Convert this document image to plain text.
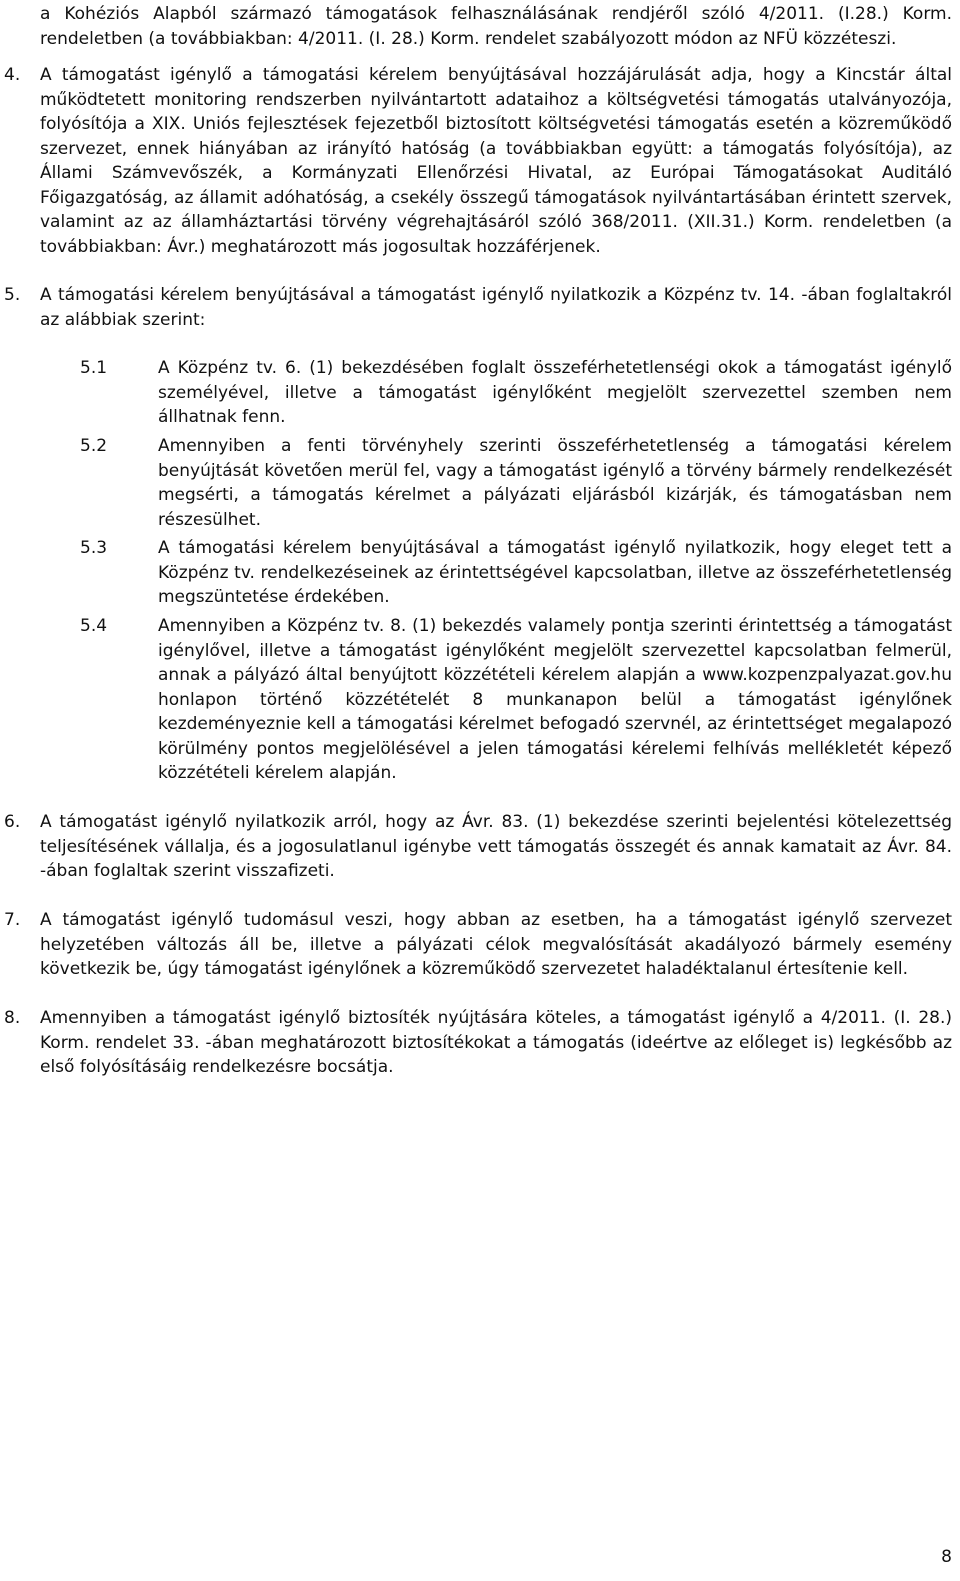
a Kohéziós Alapból származó támogatások felhasználásának rendjéről szóló 4/2011. (I.28.) Korm. rendeletben (a továbbiakban: 4/2011. (I. 28.) Korm. rendelet szabályozott módon az NFÜ közzéteszi.
4.	A támogatást igénylő a támogatási kérelem benyújtásával hozzájárulását adja, hogy a Kincstár által működtetett monitoring rendszerben nyilvántartott adataihoz a költségvetési támogatás utalványozója, folyósítója a XIX. Uniós fejlesztések fejezetből biztosított költségvetési támogatás esetén a közreműködő szervezet, ennek hiányában az irányító hatóság (a továbbiakban együtt: a támogatás folyósítója), az Állami Számvevőszék, a Kormányzati Ellenőrzési Hivatal, az Európai Támogatásokat Auditáló Főigazgatóság, az államit adóhatóság, a csekély összegű támogatások nyilvántartásában érintett szervek, valamint az az államháztartási törvény végrehajtásáról szóló 368/2011. (XII.31.) Korm. rendeletben (a továbbiakban: Ávr.) meghatározott más jogosultak hozzáférjenek.
5.	A támogatási kérelem benyújtásával a támogatást igénylő nyilatkozik a Közpénz tv. 14. -ában foglaltakról az alábbiak szerint:
5.1	A Közpénz tv. 6. (1) bekezdésében foglalt összeférhetetlenségi okok a támogatást igénylő személyével, illetve a támogatást igénylőként megjelölt szervezettel szemben nem állhatnak fenn.
5.2	Amennyiben a fenti törvényhely szerinti összeférhetetlenség a támogatási kérelem benyújtását követően merül fel, vagy a támogatást igénylő a törvény bármely rendelkezését megsérti, a támogatás kérelmet a pályázati eljárásból kizárják, és támogatásban nem részesülhet.
5.3	A támogatási kérelem benyújtásával a támogatást igénylő nyilatkozik, hogy eleget tett a Közpénz tv. rendelkezéseinek az érintettségével kapcsolatban, illetve az összeférhetetlenség megszüntetése érdekében.
5.4	Amennyiben a Közpénz tv. 8. (1) bekezdés valamely pontja szerinti érintettség a támogatást igénylővel, illetve a támogatást igénylőként megjelölt szervezettel kapcsolatban felmerül, annak a pályázó által benyújtott közzétételi kérelem alapján a www.kozpenzpalyazat.gov.hu honlapon történő közzétételét 8 munkanapon belül a támogatást igénylőnek kezdeményeznie kell a támogatási kérelmet befogadó szervnél, az érintettséget megalapozó körülmény pontos megjelölésével a jelen támogatási kérelemi felhívás mellékletét képező közzétételi kérelem alapján.
6.	A támogatást igénylő nyilatkozik arról, hogy az Ávr. 83. (1) bekezdése szerinti bejelentési kötelezettség teljesítésének vállalja, és a jogosulatlanul igénybe vett támogatás összegét és annak kamatait az Ávr. 84. -ában foglaltak szerint visszafizeti.
7.	A támogatást igénylő tudomásul veszi, hogy abban az esetben, ha a támogatást igénylő szervezet helyzetében változás áll be, illetve a pályázati célok megvalósítását akadályozó bármely esemény következik be, úgy támogatást igénylőnek a közreműködő szervezetet haladéktalanul értesítenie kell.
8.	Amennyiben a támogatást igénylő biztosíték nyújtására köteles, a támogatást igénylő a 4/2011. (I. 28.) Korm. rendelet 33. -ában meghatározott biztosítékokat a támogatás (ideértve az előleget is) legkésőbb az első folyósításáig rendelkezésre bocsátja.
8
